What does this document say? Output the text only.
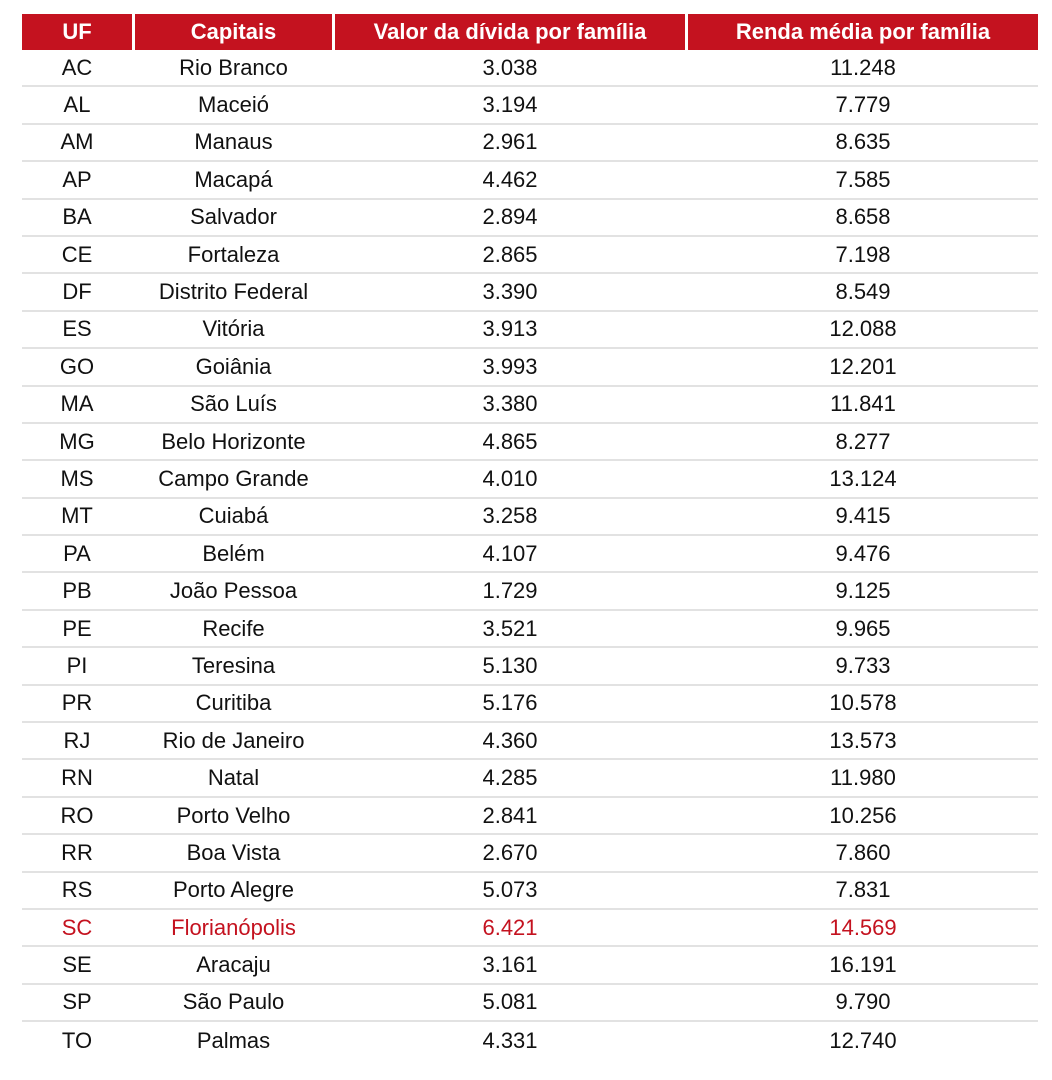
UF	Capitais	Valor da dívida por família	Renda média por família
AC	Rio Branco	3.038	11.248
AL	Maceió	3.194	7.779
AM	Manaus	2.961	8.635
AP	Macapá	4.462	7.585
BA	Salvador	2.894	8.658
CE	Fortaleza	2.865	7.198
DF	Distrito Federal	3.390	8.549
ES	Vitória	3.913	12.088
GO	Goiânia	3.993	12.201
MA	São Luís	3.380	11.841
MG	Belo Horizonte	4.865	8.277
MS	Campo Grande	4.010	13.124
MT	Cuiabá	3.258	9.415
PA	Belém	4.107	9.476
PB	João Pessoa	1.729	9.125
PE	Recife	3.521	9.965
PI	Teresina	5.130	9.733
PR	Curitiba	5.176	10.578
RJ	Rio de Janeiro	4.360	13.573
RN	Natal	4.285	11.980
RO	Porto Velho	2.841	10.256
RR	Boa Vista	2.670	7.860
RS	Porto Alegre	5.073	7.831
SC	Florianópolis	6.421	14.569
SE	Aracaju	3.161	16.191
SP	São Paulo	5.081	9.790
TO	Palmas	4.331	12.740
